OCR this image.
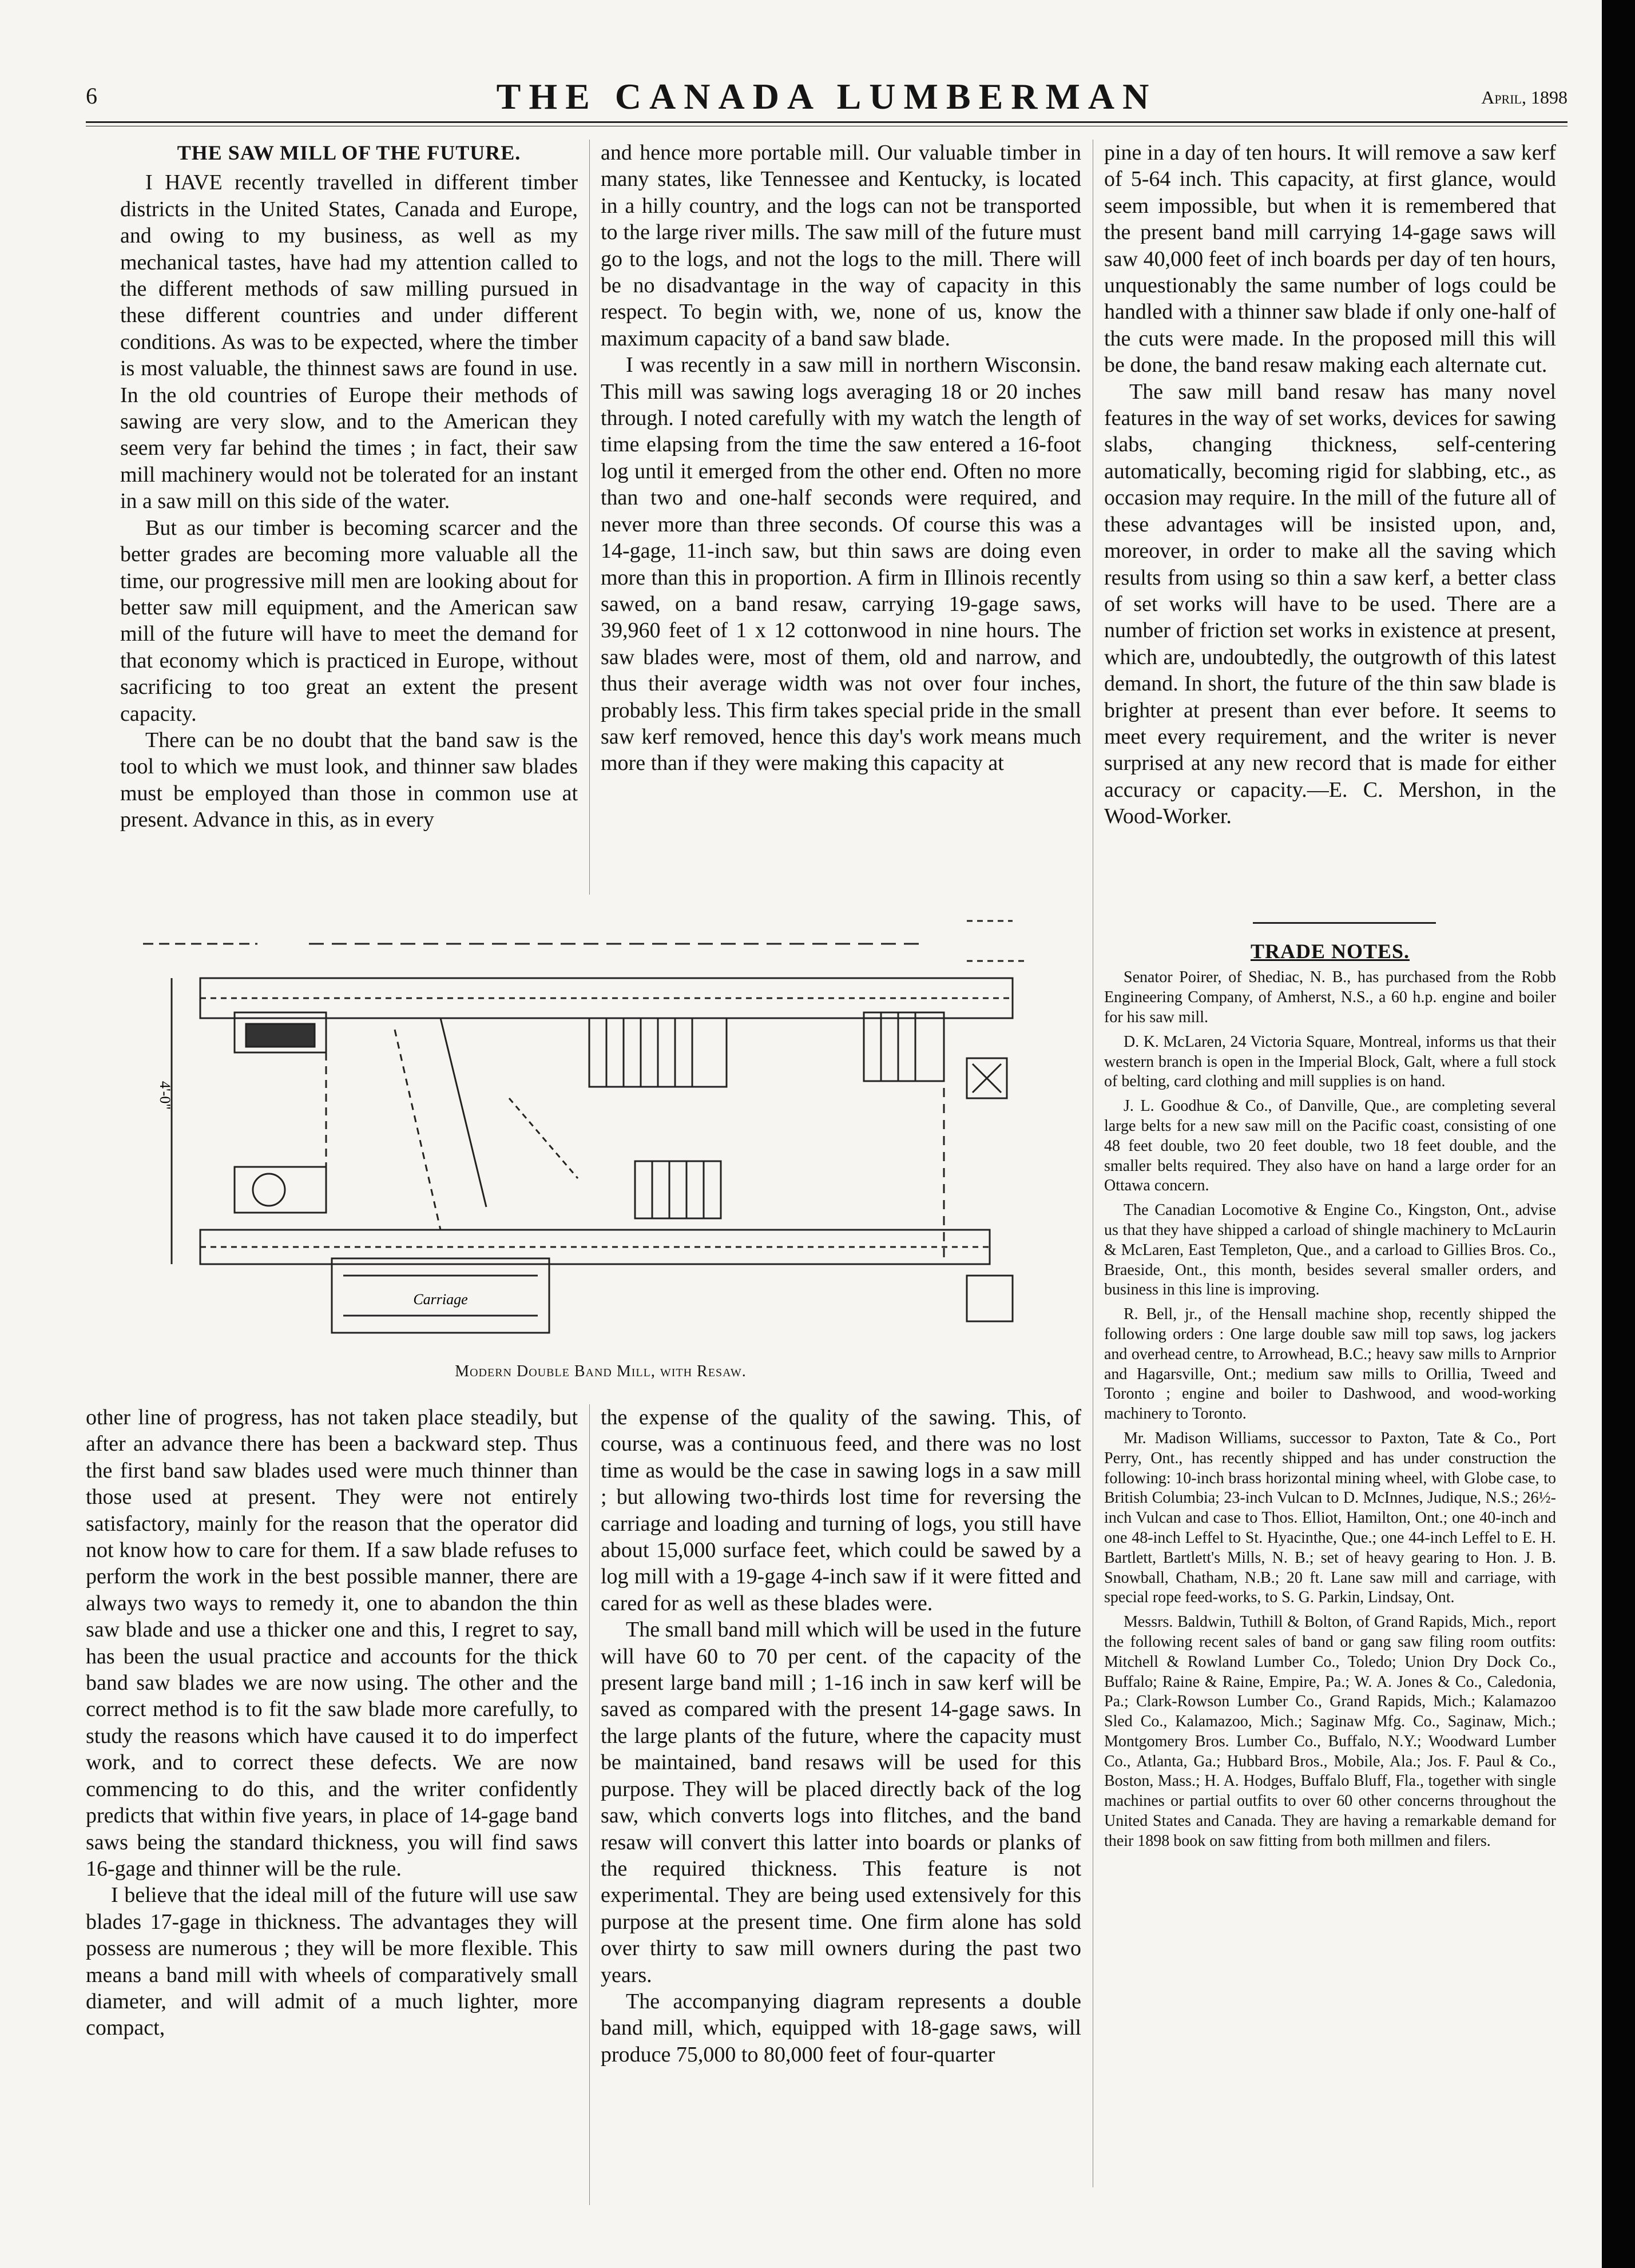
6	THE CANADA LUMBERMAN	April, 1898
THE SAW MILL OF THE FUTURE.

I HAVE recently travelled in different timber districts in the United States, Canada and Europe, and owing to my business, as well as my mechanical tastes, have had my attention called to the different methods of saw milling pursued in these different countries and under different conditions. As was to be expected, where the timber is most valuable, the thinnest saws are found in use. In the old countries of Europe their methods of sawing are very slow, and to the American they seem very far behind the times ; in fact, their saw mill machinery would not be tolerated for an instant in a saw mill on this side of the water.

But as our timber is becoming scarcer and the better grades are becoming more valuable all the time, our progressive mill men are looking about for better saw mill equipment, and the American saw mill of the future will have to meet the demand for that economy which is practiced in Europe, without sacrificing to too great an extent the present capacity.

There can be no doubt that the band saw is the tool to which we must look, and thinner saw blades must be employed than those in common use at present. Advance in this, as in every

and hence more portable mill. Our valuable timber in many states, like Tennessee and Kentucky, is located in a hilly country, and the logs can not be transported to the large river mills. The saw mill of the future must go to the logs, and not the logs to the mill. There will be no disadvantage in the way of capacity in this respect. To begin with, we, none of us, know the maximum capacity of a band saw blade.

I was recently in a saw mill in northern Wisconsin. This mill was sawing logs averaging 18 or 20 inches through. I noted carefully with my watch the length of time elapsing from the time the saw entered a 16-foot log until it emerged from the other end. Often no more than two and one-half seconds were required, and never more than three seconds. Of course this was a 14-gage, 11-inch saw, but thin saws are doing even more than this in proportion. A firm in Illinois recently sawed, on a band resaw, carrying 19-gage saws, 39,960 feet of 1 x 12 cottonwood in nine hours. The saw blades were, most of them, old and narrow, and thus their average width was not over four inches, probably less. This firm takes special pride in the small saw kerf removed, hence this day's work means much more than if they were making this capacity at

pine in a day of ten hours. It will remove a saw kerf of 5-64 inch. This capacity, at first glance, would seem impossible, but when it is remembered that the present band mill carrying 14-gage saws will saw 40,000 feet of inch boards per day of ten hours, unquestionably the same number of logs could be handled with a thinner saw blade if only one-half of the cuts were made. In the proposed mill this will be done, the band resaw making each alternate cut.

The saw mill band resaw has many novel features in the way of set works, devices for sawing slabs, changing thickness, self-centering automatically, becoming rigid for slabbing, etc., as occasion may require. In the mill of the future all of these advantages will be insisted upon, and, moreover, in order to make all the saving which results from using so thin a saw kerf, a better class of set works will have to be used. There are a number of friction set works in existence at present, which are, undoubtedly, the outgrowth of this latest demand. In short, the future of the thin saw blade is brighter at present than ever before. It seems to meet every requirement, and the writer is never surprised at any new record that is made for either accuracy or capacity.—E. C. Mershon, in the Wood-Worker.

Carriage
4'-0"
Modern Double Band Mill, with Resaw.

other line of progress, has not taken place steadily, but after an advance there has been a backward step. Thus the first band saw blades used were much thinner than those used at present. They were not entirely satisfactory, mainly for the reason that the operator did not know how to care for them. If a saw blade refuses to perform the work in the best possible manner, there are always two ways to remedy it, one to abandon the thin saw blade and use a thicker one and this, I regret to say, has been the usual practice and accounts for the thick band saw blades we are now using. The other and the correct method is to fit the saw blade more carefully, to study the reasons which have caused it to do imperfect work, and to correct these defects. We are now commencing to do this, and the writer confidently predicts that within five years, in place of 14-gage band saws being the standard thickness, you will find saws 16-gage and thinner will be the rule.

I believe that the ideal mill of the future will use saw blades 17-gage in thickness. The advantages they will possess are numerous ; they will be more flexible. This means a band mill with wheels of comparatively small diameter, and will admit of a much lighter, more compact,

the expense of the quality of the sawing. This, of course, was a continuous feed, and there was no lost time as would be the case in sawing logs in a saw mill ; but allowing two-thirds lost time for reversing the carriage and loading and turning of logs, you still have about 15,000 surface feet, which could be sawed by a log mill with a 19-gage 4-inch saw if it were fitted and cared for as well as these blades were.

The small band mill which will be used in the future will have 60 to 70 per cent. of the capacity of the present large band mill ; 1-16 inch in saw kerf will be saved as compared with the present 14-gage saws. In the large plants of the future, where the capacity must be maintained, band resaws will be used for this purpose. They will be placed directly back of the log saw, which converts logs into flitches, and the band resaw will convert this latter into boards or planks of the required thickness. This feature is not experimental. They are being used extensively for this purpose at the present time. One firm alone has sold over thirty to saw mill owners during the past two years.

The accompanying diagram represents a double band mill, which, equipped with 18-gage saws, will produce 75,000 to 80,000 feet of four-quarter

TRADE NOTES.

Senator Poirer, of Shediac, N. B., has purchased from the Robb Engineering Company, of Amherst, N.S., a 60 h.p. engine and boiler for his saw mill.

D. K. McLaren, 24 Victoria Square, Montreal, informs us that their western branch is open in the Imperial Block, Galt, where a full stock of belting, card clothing and mill supplies is on hand.

J. L. Goodhue & Co., of Danville, Que., are completing several large belts for a new saw mill on the Pacific coast, consisting of one 48 feet double, two 20 feet double, two 18 feet double, and the smaller belts required. They also have on hand a large order for an Ottawa concern.

The Canadian Locomotive & Engine Co., Kingston, Ont., advise us that they have shipped a carload of shingle machinery to McLaurin & McLaren, East Templeton, Que., and a carload to Gillies Bros. Co., Braeside, Ont., this month, besides several smaller orders, and business in this line is improving.

R. Bell, jr., of the Hensall machine shop, recently shipped the following orders : One large double saw mill top saws, log jackers and overhead centre, to Arrowhead, B.C.; heavy saw mills to Arnprior and Hagarsville, Ont.; medium saw mills to Orillia, Tweed and Toronto ; engine and boiler to Dashwood, and wood-working machinery to Toronto.

Mr. Madison Williams, successor to Paxton, Tate & Co., Port Perry, Ont., has recently shipped and has under construction the following: 10-inch brass horizontal mining wheel, with Globe case, to British Columbia; 23-inch Vulcan to D. McInnes, Judique, N.S.; 26½-inch Vulcan and case to Thos. Elliot, Hamilton, Ont.; one 40-inch and one 48-inch Leffel to St. Hyacinthe, Que.; one 44-inch Leffel to E. H. Bartlett, Bartlett's Mills, N. B.; set of heavy gearing to Hon. J. B. Snowball, Chatham, N.B.; 20 ft. Lane saw mill and carriage, with special rope feed-works, to S. G. Parkin, Lindsay, Ont.

Messrs. Baldwin, Tuthill & Bolton, of Grand Rapids, Mich., report the following recent sales of band or gang saw filing room outfits: Mitchell & Rowland Lumber Co., Toledo; Union Dry Dock Co., Buffalo; Raine & Raine, Empire, Pa.; W. A. Jones & Co., Caledonia, Pa.; Clark-Rowson Lumber Co., Grand Rapids, Mich.; Kalamazoo Sled Co., Kalamazoo, Mich.; Saginaw Mfg. Co., Saginaw, Mich.; Montgomery Bros. Lumber Co., Buffalo, N.Y.; Woodward Lumber Co., Atlanta, Ga.; Hubbard Bros., Mobile, Ala.; Jos. F. Paul & Co., Boston, Mass.; H. A. Hodges, Buffalo Bluff, Fla., together with single machines or partial outfits to over 60 other concerns throughout the United States and Canada. They are having a remarkable demand for their 1898 book on saw fitting from both millmen and filers.
